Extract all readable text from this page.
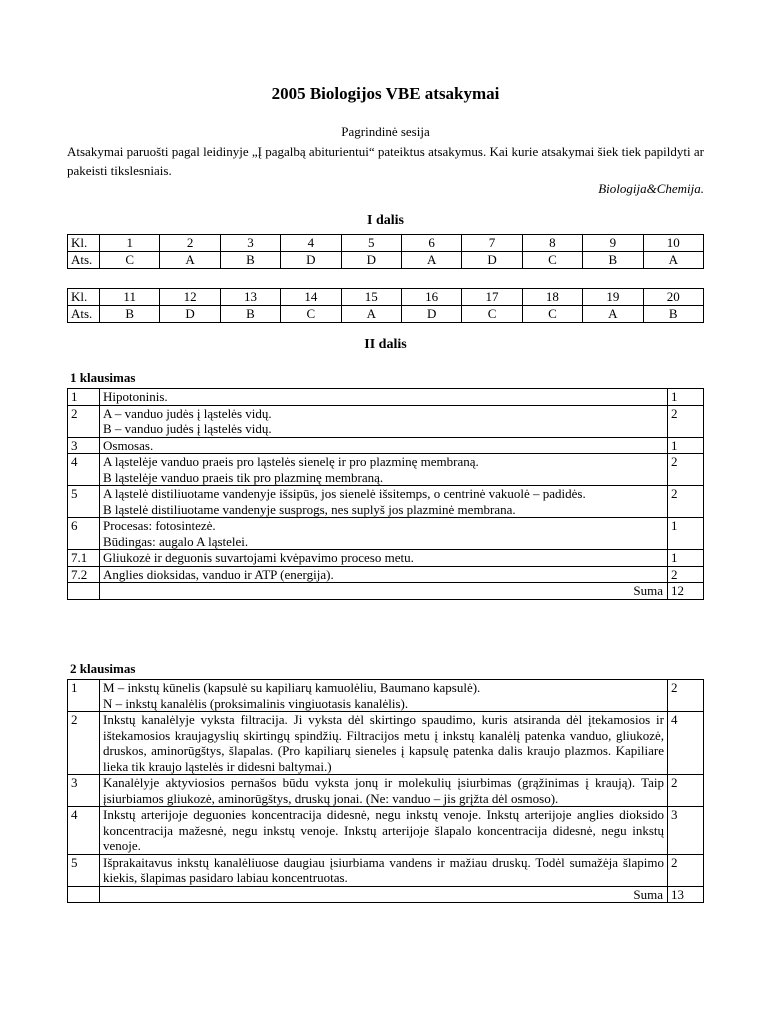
2005 Biologijos VBE atsakymai
Pagrindinė sesija
Atsakymai paruošti pagal leidinyje „Į pagalbą abiturientui“ pateiktus atsakymus. Kai kurie atsakymai šiek tiek papildyti ar pakeisti tikslesniais.
Biologija&Chemija.
I dalis
Kl.	1	2	3	4	5	6	7	8	9	10
Ats.	C	A	B	D	D	A	D	C	B	A
Kl.	11	12	13	14	15	16	17	18	19	20
Ats.	B	D	B	C	A	D	C	C	A	B
II dalis
1 klausimas
1	Hipotoninis.	1
2	A – vanduo judės į ląstelės vidų.
B – vanduo judės į ląstelės vidų.	2
3	Osmosas.	1
4	A ląstelėje vanduo praeis pro ląstelės sienelę ir pro plazminę membraną.
B ląstelėje vanduo praeis tik pro plazminę membraną.	2
5	A ląstelė distiliuotame vandenyje išsipūs, jos sienelė išsitemps, o centrinė vakuolė – padidės.
B ląstelė distiliuotame vandenyje susprogs, nes suplyš jos plazminė membrana.	2
6	Procesas: fotosintezė.
Būdingas: augalo A ląstelei.	1
7.1	Gliukozė ir deguonis suvartojami kvėpavimo proceso metu.	1
7.2	Anglies dioksidas, vanduo ir ATP (energija).	2
	Suma	12
2 klausimas
1	M – inkstų kūnelis (kapsulė su kapiliarų kamuolėliu, Baumano kapsulė).
N – inkstų kanalėlis (proksimalinis vingiuotasis kanalėlis).	2
2	Inkstų kanalėlyje vyksta filtracija. Ji vyksta dėl skirtingo spaudimo, kuris atsiranda dėl įtekamosios ir ištekamosios kraujagyslių skirtingų spindžių. Filtracijos metu į inkstų kanalėlį patenka vanduo, gliukozė, druskos, aminorūgštys, šlapalas. (Pro kapiliarų sieneles į kapsulę patenka dalis kraujo plazmos. Kapiliare lieka tik kraujo ląstelės ir didesni baltymai.)	4
3	Kanalėlyje aktyviosios pernašos būdu vyksta jonų ir molekulių įsiurbimas (grąžinimas į kraują). Taip įsiurbiamos gliukozė, aminorūgštys, druskų jonai. (Ne: vanduo – jis grįžta dėl osmoso).	2
4	Inkstų arterijoje deguonies koncentracija didesnė, negu inkstų venoje. Inkstų arterijoje anglies dioksido koncentracija mažesnė, negu inkstų venoje. Inkstų arterijoje šlapalo koncentracija didesnė, negu inkstų venoje.	3
5	Išprakaitavus inkstų kanalėliuose daugiau įsiurbiama vandens ir mažiau druskų. Todėl sumažėja šlapimo kiekis, šlapimas pasidaro labiau koncentruotas.	2
	Suma	13
